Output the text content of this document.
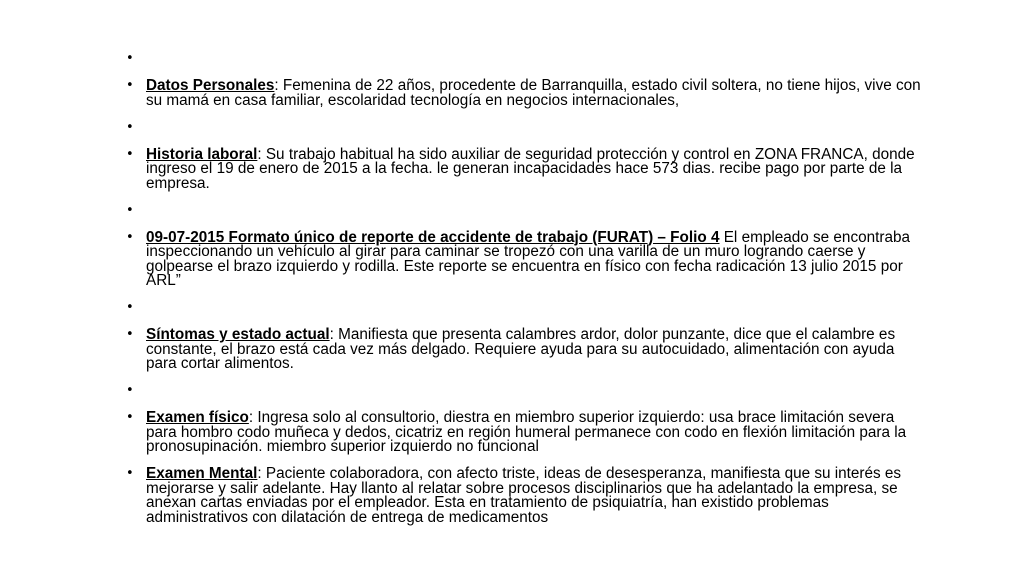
•
• Datos Personales: Femenina de 22 años, procedente de Barranquilla, estado civil soltera, no tiene hijos, vive con su mamá en casa familiar, escolaridad tecnología en negocios internacionales,
•
• Historia laboral: Su trabajo habitual ha sido auxiliar de seguridad protección y control en ZONA FRANCA, donde ingreso el 19 de enero de 2015 a la fecha. le generan incapacidades hace 573 dias. recibe pago por parte de la empresa.
•
• 09-07-2015 Formato único de reporte de accidente de trabajo (FURAT) – Folio 4 El empleado se encontraba inspeccionando un vehículo al girar para caminar se tropezó con una varilla de un muro logrando caerse y golpearse el brazo izquierdo y rodilla. Este reporte se encuentra en físico con fecha radicación 13 julio 2015 por ARL”
•
• Síntomas y estado actual: Manifiesta que presenta calambres ardor, dolor punzante, dice que el calambre es constante, el brazo está cada vez más delgado. Requiere ayuda para su autocuidado, alimentación con ayuda para cortar alimentos.
•
• Examen físico: Ingresa solo al consultorio, diestra en miembro superior izquierdo: usa brace limitación severa para hombro codo muñeca y dedos, cicatriz en región humeral permanece con codo en flexión limitación para la pronosupinación. miembro superior izquierdo no funcional
• Examen Mental: Paciente colaboradora, con afecto triste, ideas de desesperanza, manifiesta que su interés es mejorarse y salir adelante. Hay llanto al relatar sobre procesos disciplinarios que ha adelantado la empresa, se anexan cartas enviadas por el empleador. Esta en tratamiento de psiquiatría, han existido problemas administrativos con dilatación de entrega de medicamentos
